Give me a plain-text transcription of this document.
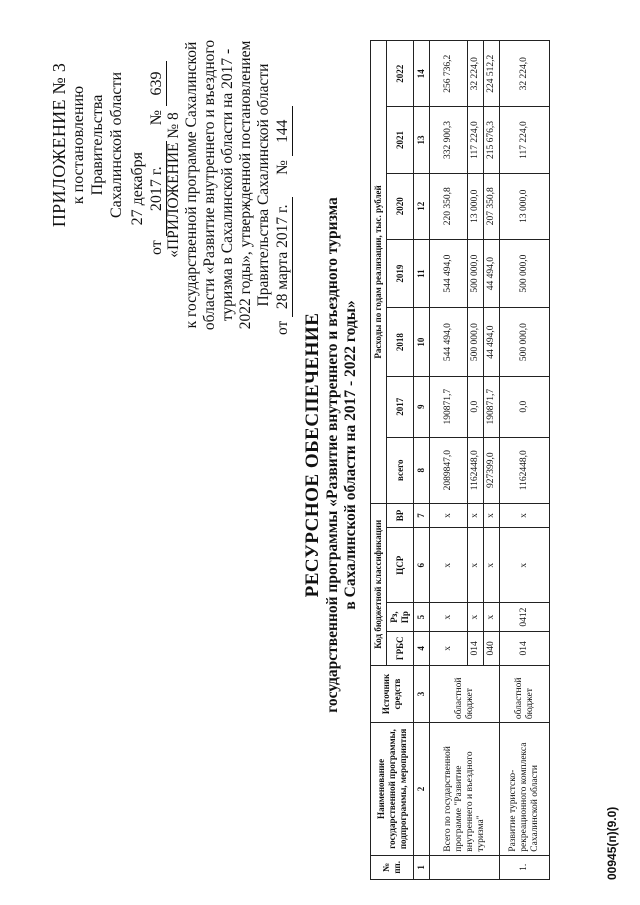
ПРИЛОЖЕНИЕ № 3 к постановлению Правительства Сахалинской области
от 27 декабря 2017 г. № 639
«ПРИЛОЖЕНИЕ № 8 к государственной программе Сахалинской области «Развитие внутреннего и въездного туризма в Сахалинской области на 2017 - 2022 годы», утвержденной постановлением Правительства Сахалинской области
от 28 марта 2017 г. № 144
РЕСУРСНОЕ ОБЕСПЕЧЕНИЕ государственной программы «Развитие внутреннего и въездного туризма в Сахалинской области на 2017 - 2022 годы»
№ пп.	Наименование государственной программы, подпрограммы, мероприятия	Источник средств	Код бюджетной классификации				Расходы по годам реализации, тыс. рублей						
			ГРБС	Рз, Пр	ЦСР	ВР	всего	2017	2018	2019	2020	2021	2022
1	2	3	4	5	6	7	8	9	10	11	12	13	14
	Всего по государственной программе "Развитие внутреннего и въездного туризма"	областной бюджет	х	х	х	х	2089847,0	190871,7	544 494,0	544 494,0	220 350,8	332 900,3	256 736,2
			014	х	х	х	1162448,0	0,0	500 000,0	500 000,0	13 000,0	117 224,0	32 224,0
			040	х	х	х	927399,0	190871,7	44 494,0	44 494,0	207 350,8	215 676,3	224 512,2
1.	Развитие туристско-рекреационного комплекса Сахалинской области	областной бюджет	014	0412	х	х	1162448,0	0,0	500 000,0	500 000,0	13 000,0	117 224,0	32 224,0
00945(п)(9.0)
